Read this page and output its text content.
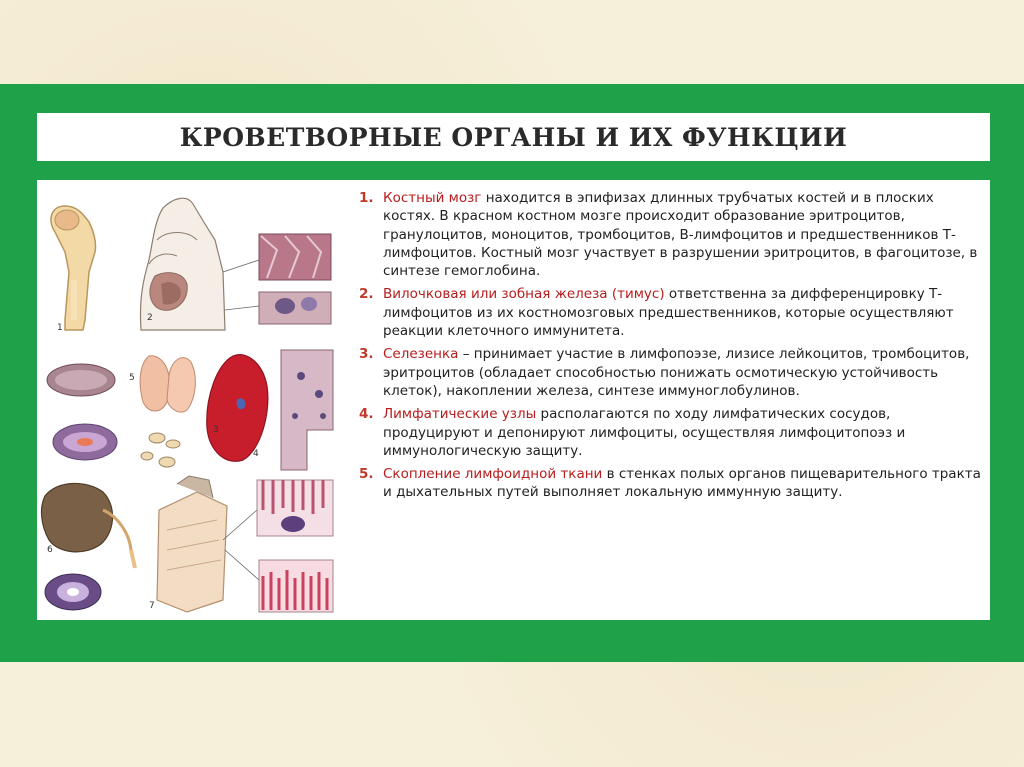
КРОВЕТВОРНЫЕ ОРГАНЫ И ИХ ФУНКЦИИ
1
2
3
4
5
6
7
1. Костный мозг находится в эпифизах длинных трубчатых костей и в плоских костях. В красном костном мозге происходит образование эритроцитов, гранулоцитов, моноцитов, тромбоцитов, В-лимфоцитов и предшественников Т-лимфоцитов. Костный мозг участвует в разрушении эритроцитов, в фагоцитозе, в синтезе гемоглобина.
2. Вилочковая или зобная железа (тимус) ответственна за дифференцировку Т-лимфоцитов из их костномозговых предшественников, которые осуществляют реакции клеточного иммунитета.
3. Селезенка – принимает участие в лимфопоэзе, лизисе лейкоцитов, тромбоцитов, эритроцитов (обладает способностью понижать осмотическую устойчивость клеток), накоплении железа, синтезе иммуноглобулинов.
4. Лимфатические узлы располагаются по ходу лимфатических сосудов, продуцируют и депонируют лимфоциты, осуществляя лимфоцитопоэз и иммунологическую защиту.
5. Скопление лимфоидной ткани в стенках полых органов пищеварительного тракта и дыхательных путей выполняет локальную иммунную защиту.
